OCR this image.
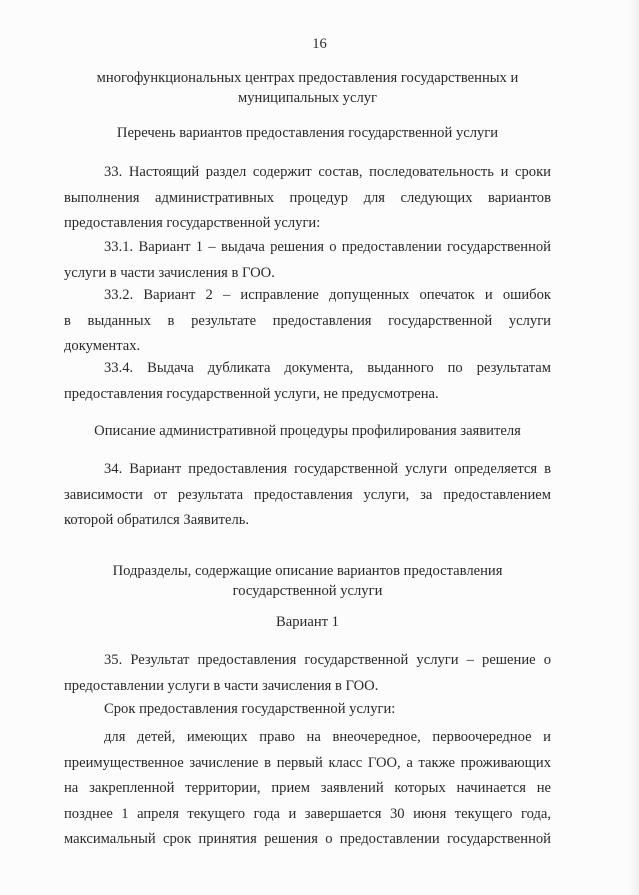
16
многофункциональных центрах предоставления государственных и
муниципальных услуг
Перечень вариантов предоставления государственной услуги
33. Настоящий раздел содержит состав, последовательность и сроки
выполнения административных процедур для следующих вариантов
предоставления государственной услуги:
33.1. Вариант 1 – выдача решения о предоставлении государственной
услуги в части зачисления в ГОО.
33.2. Вариант 2 – исправление допущенных опечаток и ошибок
в выданных в результате предоставления государственной услуги
документах.
33.4. Выдача дубликата документа, выданного по результатам
предоставления государственной услуги, не предусмотрена.
Описание административной процедуры профилирования заявителя
34. Вариант предоставления государственной услуги определяется в
зависимости от результата предоставления услуги, за предоставлением
которой обратился Заявитель.
Подразделы, содержащие описание вариантов предоставления
государственной услуги
Вариант 1
35. Результат предоставления государственной услуги – решение о
предоставлении услуги в части зачисления в ГОО.
Срок предоставления государственной услуги:
для детей, имеющих право на внеочередное, первоочередное и
преимущественное зачисление в первый класс ГОО, а также проживающих
на закрепленной территории, прием заявлений которых начинается не
позднее 1 апреля текущего года и завершается 30 июня текущего года,
максимальный срок принятия решения о предоставлении государственной
